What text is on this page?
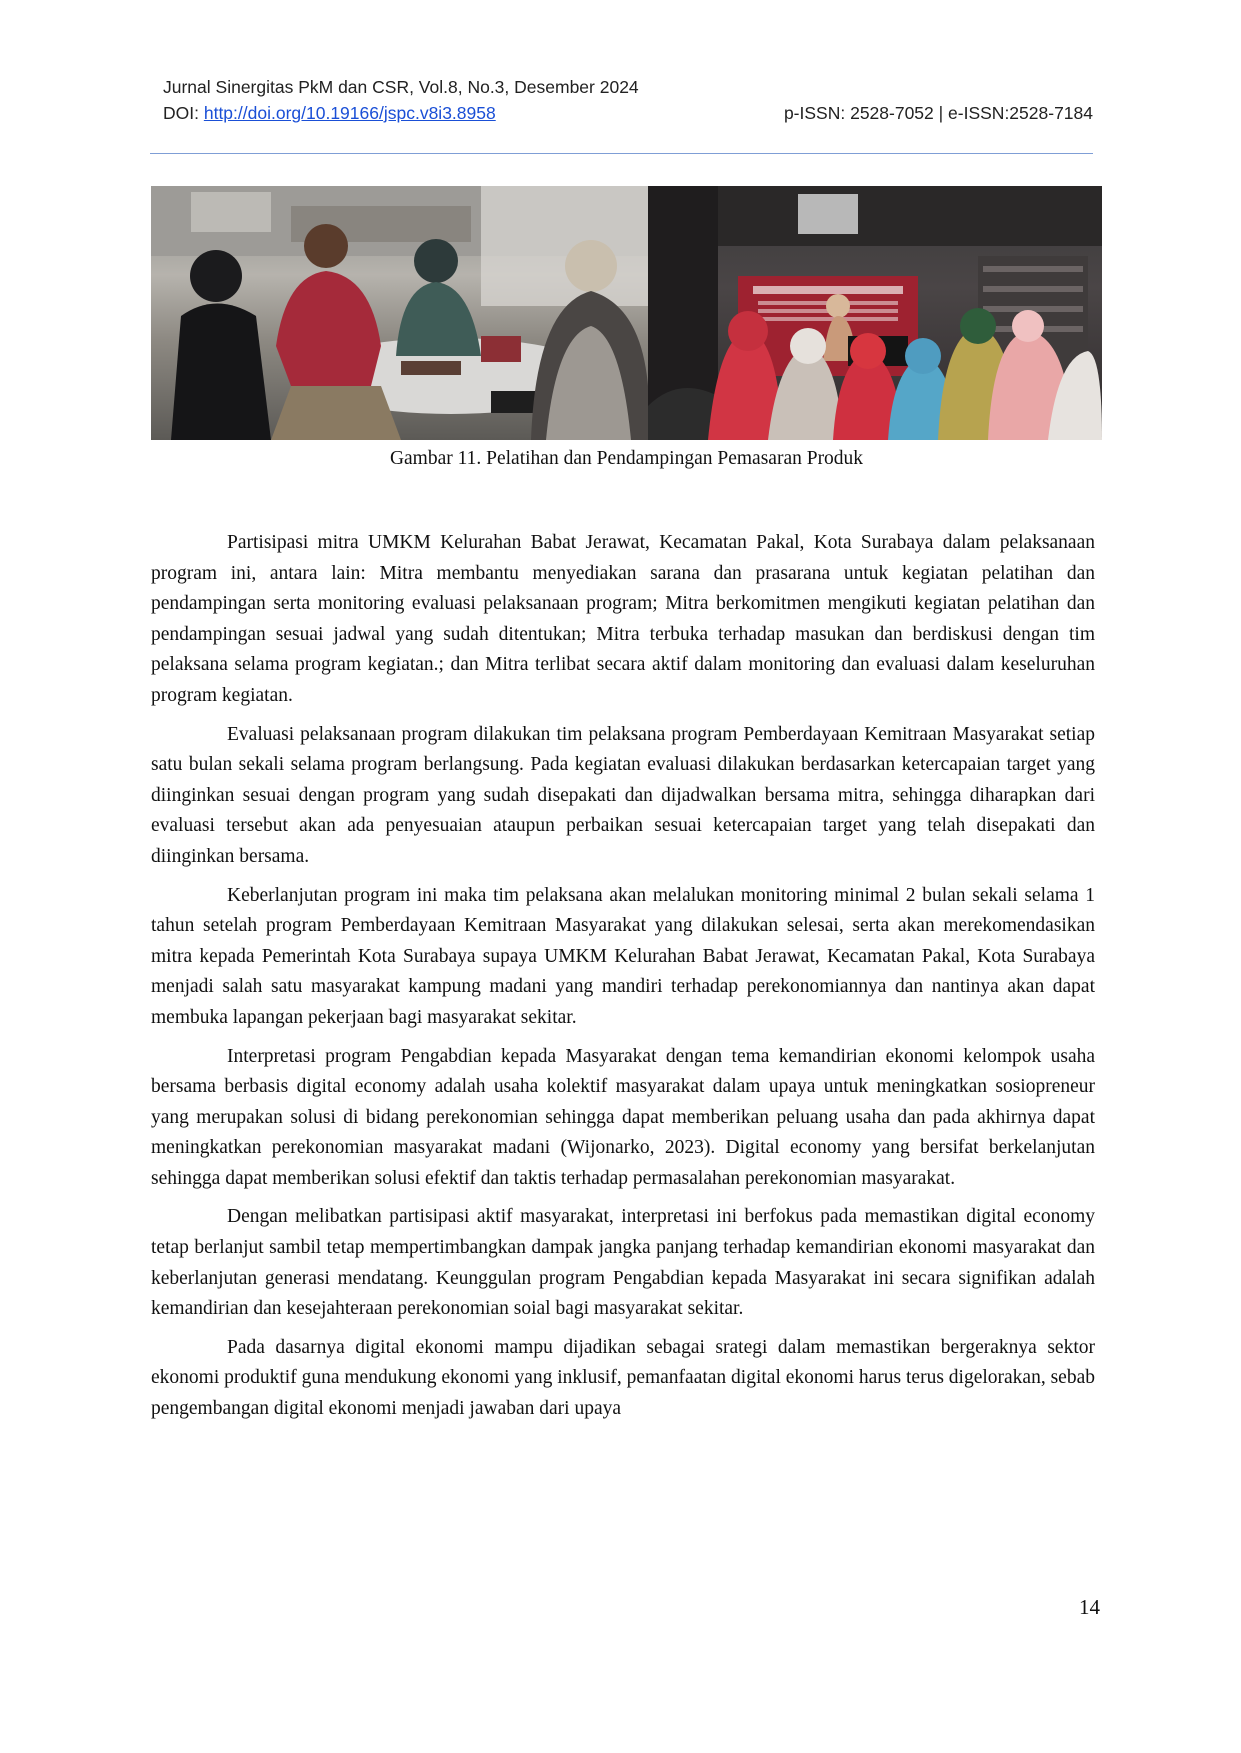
Jurnal Sinergitas PkM dan CSR, Vol.8, No.3, Desember 2024
DOI: http://doi.org/10.19166/jspc.v8i3.8958	p-ISSN: 2528-7052 | e-ISSN:2528-7184
Gambar 11. Pelatihan dan Pendampingan Pemasaran Produk

Partisipasi mitra UMKM Kelurahan Babat Jerawat, Kecamatan Pakal, Kota Surabaya dalam pelaksanaan program ini, antara lain: Mitra membantu menyediakan sarana dan prasarana untuk kegiatan pelatihan dan pendampingan serta monitoring evaluasi pelaksanaan program; Mitra berkomitmen mengikuti kegiatan pelatihan dan pendampingan sesuai jadwal yang sudah ditentukan; Mitra terbuka terhadap masukan dan berdiskusi dengan tim pelaksana selama program kegiatan.; dan Mitra terlibat secara aktif dalam monitoring dan evaluasi dalam keseluruhan program kegiatan.

Evaluasi pelaksanaan program dilakukan tim pelaksana program Pemberdayaan Kemitraan Masyarakat setiap satu bulan sekali selama program berlangsung. Pada kegiatan evaluasi dilakukan berdasarkan ketercapaian target yang diinginkan sesuai dengan program yang sudah disepakati dan dijadwalkan bersama mitra, sehingga diharapkan dari evaluasi tersebut akan ada penyesuaian ataupun perbaikan sesuai ketercapaian target yang telah disepakati dan diinginkan bersama.

Keberlanjutan program ini maka tim pelaksana akan melalukan monitoring minimal 2 bulan sekali selama 1 tahun setelah program Pemberdayaan Kemitraan Masyarakat yang dilakukan selesai, serta akan merekomendasikan mitra kepada Pemerintah Kota Surabaya supaya UMKM Kelurahan Babat Jerawat, Kecamatan Pakal, Kota Surabaya menjadi salah satu masyarakat kampung madani yang mandiri terhadap perekonomiannya dan nantinya akan dapat membuka lapangan pekerjaan bagi masyarakat sekitar.

Interpretasi program Pengabdian kepada Masyarakat dengan tema kemandirian ekonomi kelompok usaha bersama berbasis digital economy adalah usaha kolektif masyarakat dalam upaya untuk meningkatkan sosiopreneur yang merupakan solusi di bidang perekonomian sehingga dapat memberikan peluang usaha dan pada akhirnya dapat meningkatkan perekonomian masyarakat madani (Wijonarko, 2023). Digital economy yang bersifat berkelanjutan sehingga dapat memberikan solusi efektif dan taktis terhadap permasalahan perekonomian masyarakat.

Dengan melibatkan partisipasi aktif masyarakat, interpretasi ini berfokus pada memastikan digital economy tetap berlanjut sambil tetap mempertimbangkan dampak jangka panjang terhadap kemandirian ekonomi masyarakat dan keberlanjutan generasi mendatang. Keunggulan program Pengabdian kepada Masyarakat ini secara signifikan adalah kemandirian dan kesejahteraan perekonomian soial bagi masyarakat sekitar.

Pada dasarnya digital ekonomi mampu dijadikan sebagai srategi dalam memastikan bergeraknya sektor ekonomi produktif guna mendukung ekonomi yang inklusif, pemanfaatan digital ekonomi harus terus digelorakan, sebab pengembangan digital ekonomi menjadi jawaban dari upaya

14
